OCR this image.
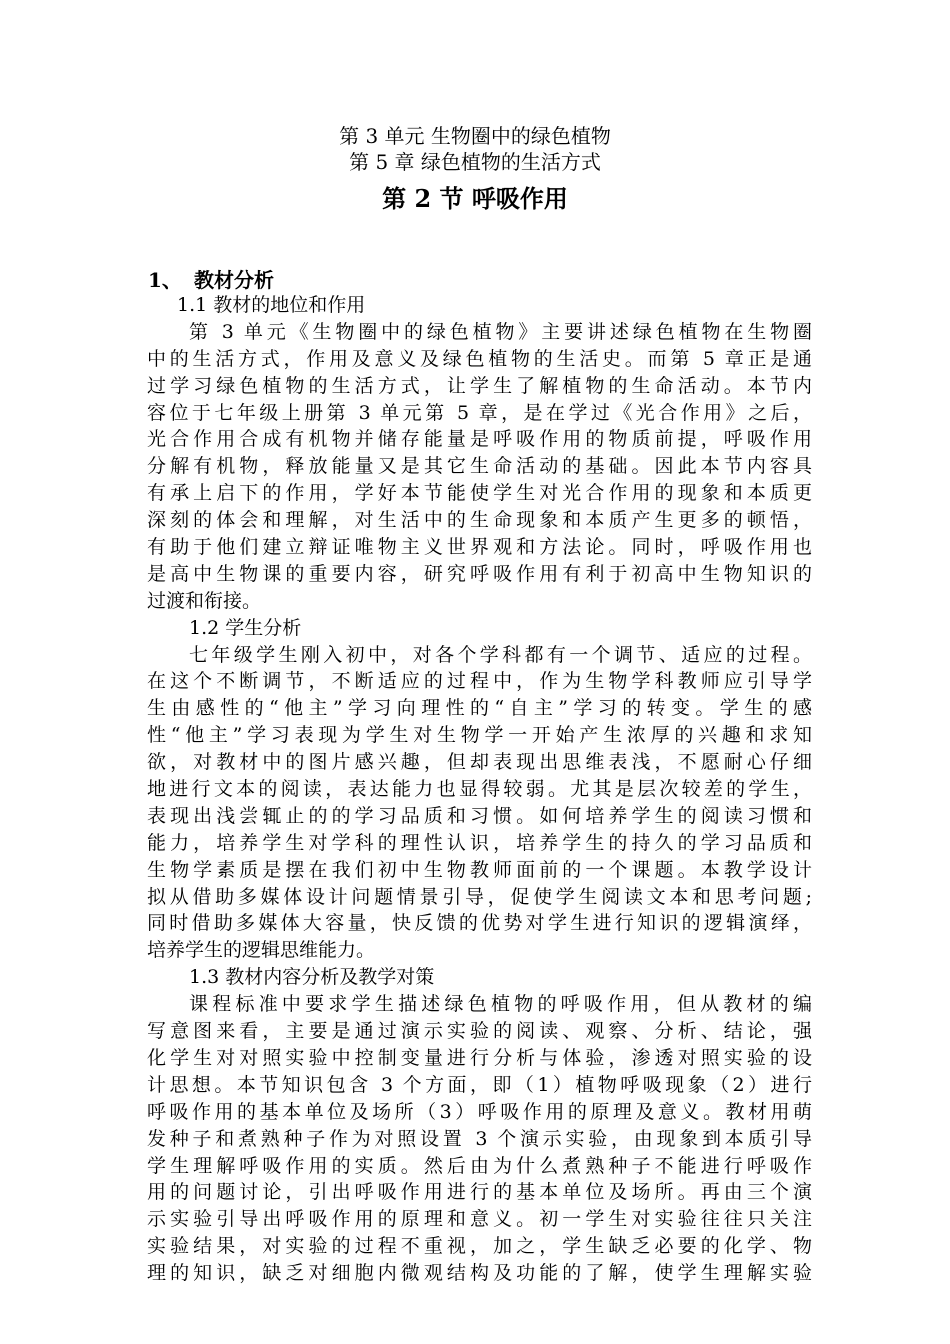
第 3 单元 生物圈中的绿色植物
第 5 章 绿色植物的生活方式
第 2 节 呼吸作用
1、 教材分析
1.1 教材的地位和作用
第 3 单元《生物圈中的绿色植物》主要讲述绿色植物在生物圈
中的生活方式，作用及意义及绿色植物的生活史。而第 5 章正是通
过学习绿色植物的生活方式，让学生了解植物的生命活动。本节内
容位于七年级上册第 3 单元第 5 章，是在学过《光合作用》之后，
光合作用合成有机物并储存能量是呼吸作用的物质前提，呼吸作用
分解有机物，释放能量又是其它生命活动的基础。因此本节内容具
有承上启下的作用，学好本节能使学生对光合作用的现象和本质更
深刻的体会和理解，对生活中的生命现象和本质产生更多的顿悟，
有助于他们建立辩证唯物主义世界观和方法论。同时，呼吸作用也
是高中生物课的重要内容，研究呼吸作用有利于初高中生物知识的
过渡和衔接。
1.2 学生分析
七年级学生刚入初中，对各个学科都有一个调节、适应的过程。
在这个不断调节，不断适应的过程中，作为生物学科教师应引导学
生由感性的“他主”学习向理性的“自主”学习的转变。学生的感
性“他主”学习表现为学生对生物学一开始产生浓厚的兴趣和求知
欲，对教材中的图片感兴趣，但却表现出思维表浅，不愿耐心仔细
地进行文本的阅读，表达能力也显得较弱。尤其是层次较差的学生，
表现出浅尝辄止的的学习品质和习惯。如何培养学生的阅读习惯和
能力，培养学生对学科的理性认识，培养学生的持久的学习品质和
生物学素质是摆在我们初中生物教师面前的一个课题。本教学设计
拟从借助多媒体设计问题情景引导，促使学生阅读文本和思考问题;
同时借助多媒体大容量，快反馈的优势对学生进行知识的逻辑演绎，
培养学生的逻辑思维能力。
1.3 教材内容分析及教学对策
课程标准中要求学生描述绿色植物的呼吸作用，但从教材的编
写意图来看，主要是通过演示实验的阅读、观察、分析、结论，强
化学生对对照实验中控制变量进行分析与体验，渗透对照实验的设
计思想。本节知识包含 3 个方面，即（1）植物呼吸现象（2）进行
呼吸作用的基本单位及场所（3）呼吸作用的原理及意义。教材用萌
发种子和煮熟种子作为对照设置 3 个演示实验，由现象到本质引导
学生理解呼吸作用的实质。然后由为什么煮熟种子不能进行呼吸作
用的问题讨论，引出呼吸作用进行的基本单位及场所。再由三个演
示实验引导出呼吸作用的原理和意义。初一学生对实验往往只关注
实验结果，对实验的过程不重视，加之，学生缺乏必要的化学、物
理的知识，缺乏对细胞内微观结构及功能的了解，使学生理解实验
